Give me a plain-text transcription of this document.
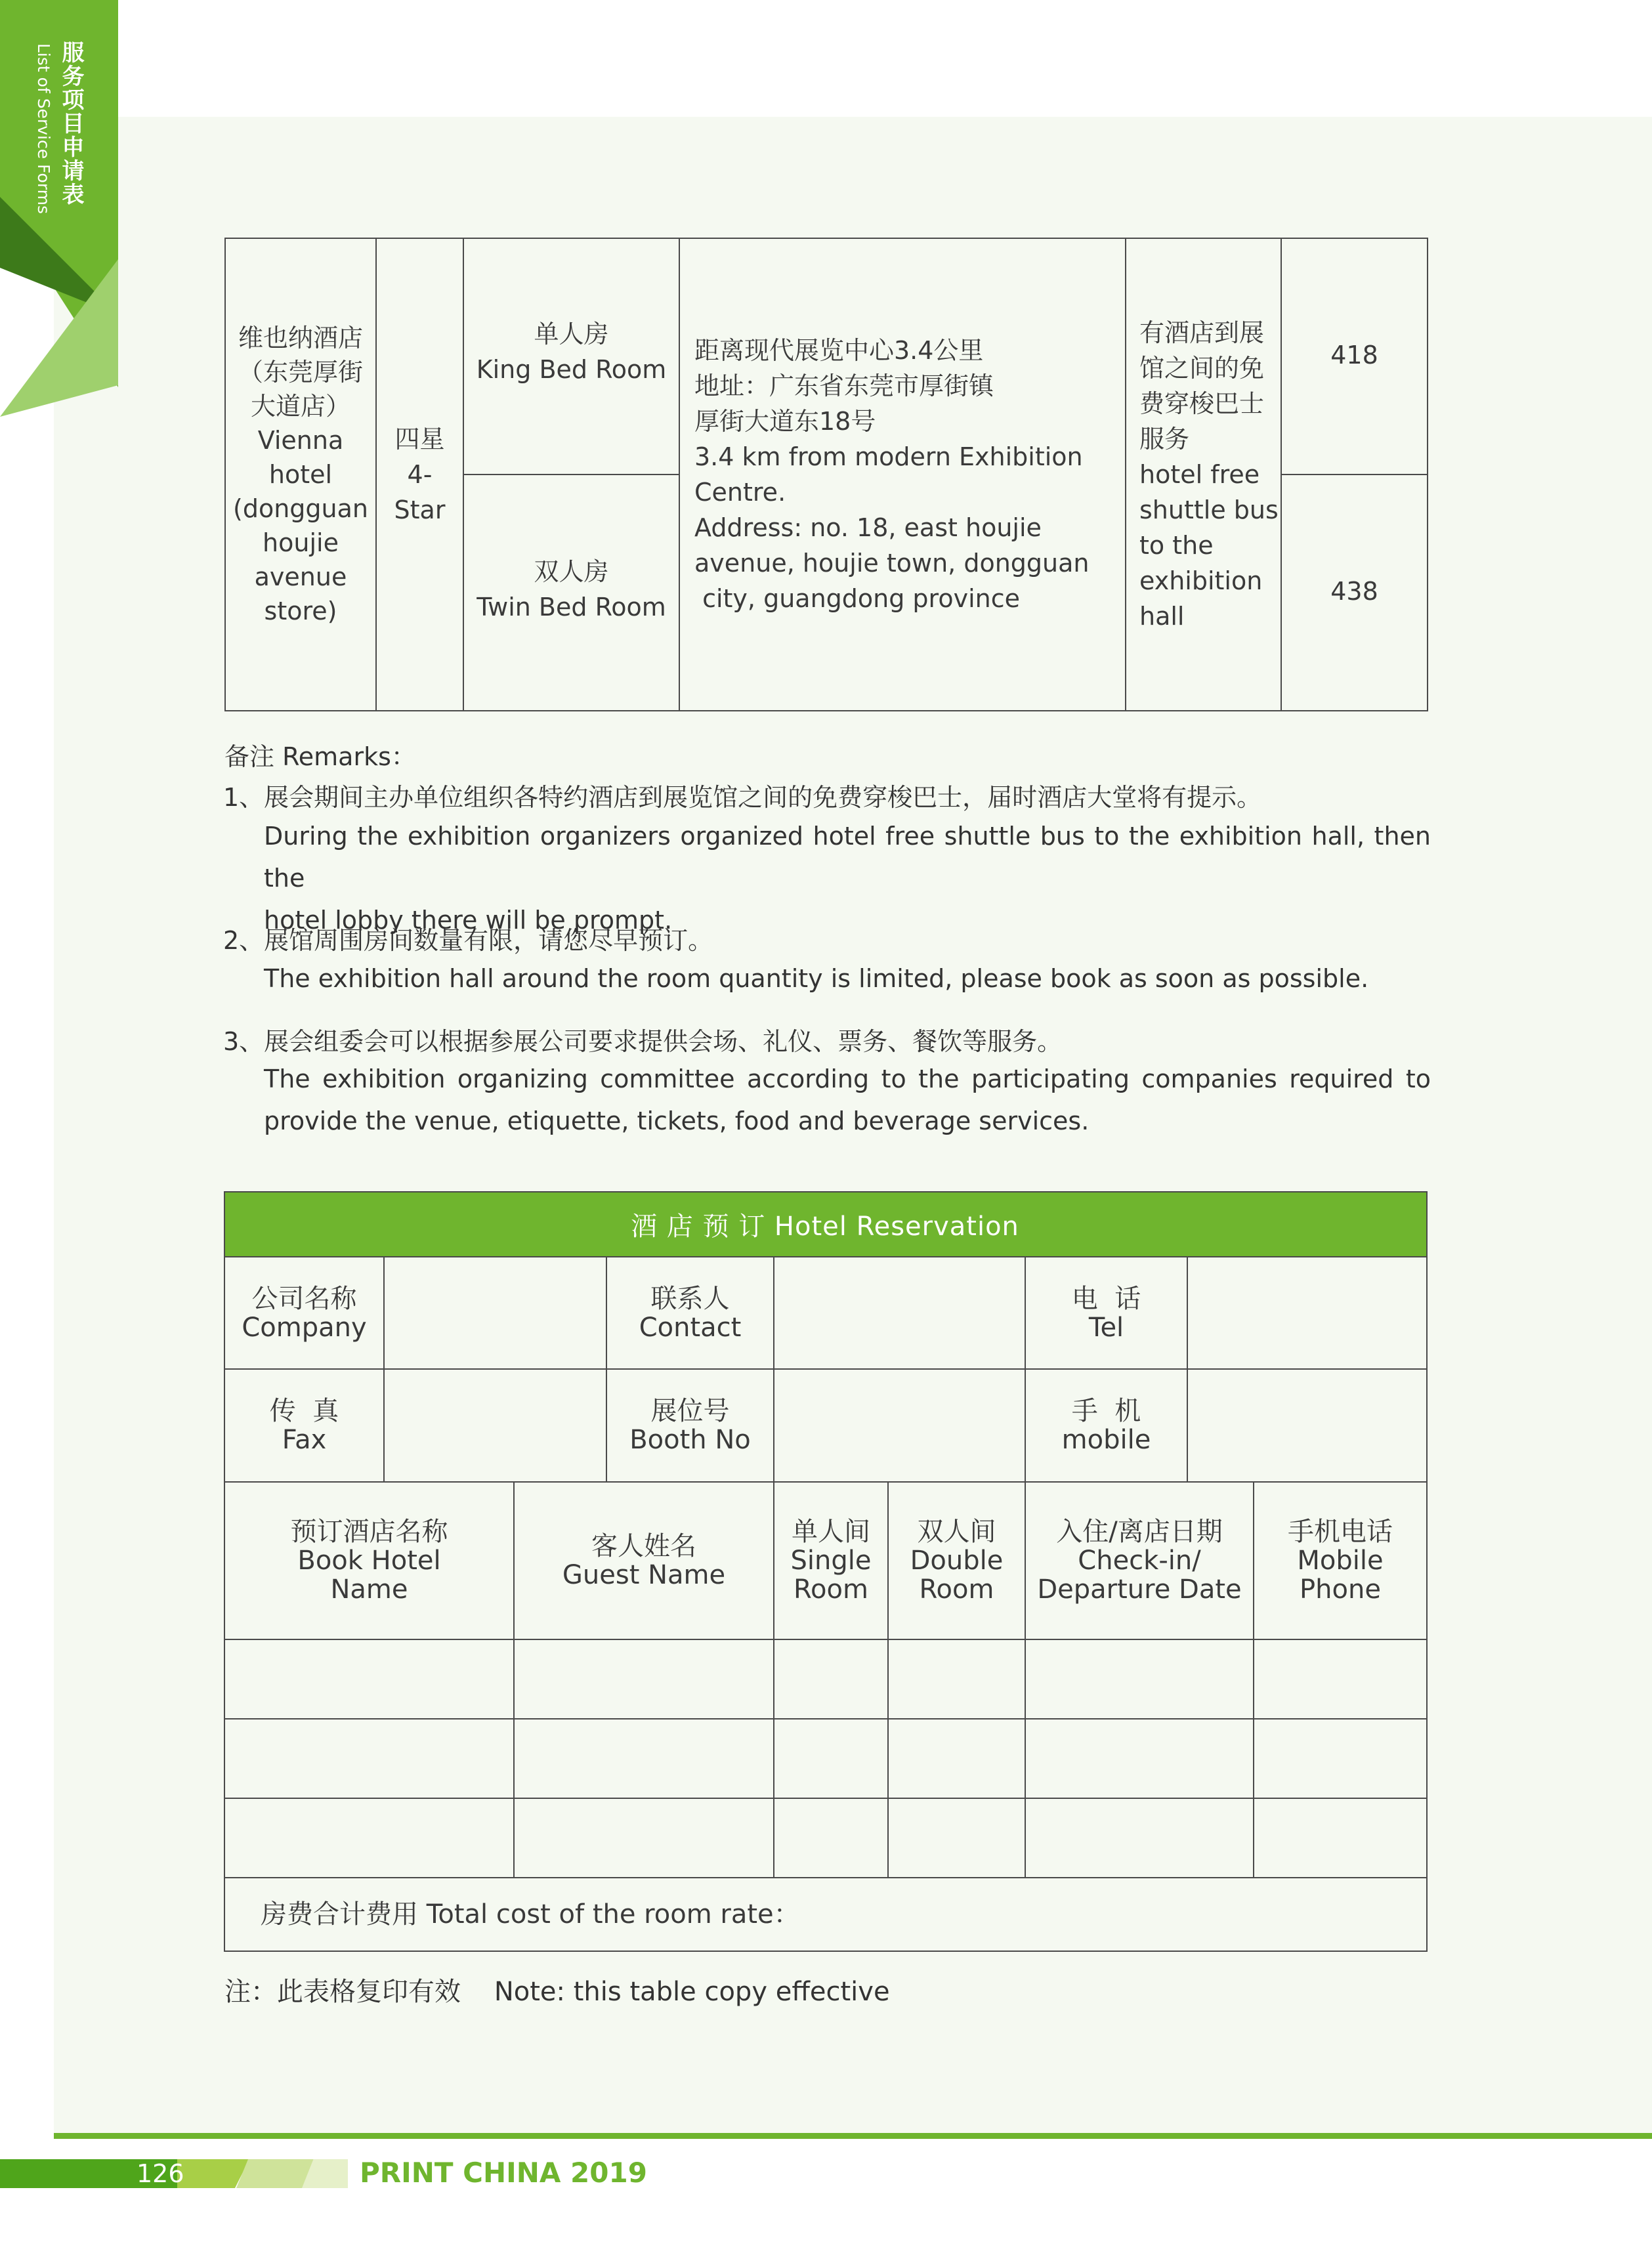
服务项目申请表
List of Service Forms
维也纳酒店
（东莞厚街
大道店）
Vienna
hotel
(dongguan
houjie
avenue
store)
四星
4-
Star
单人房
King Bed Room
双人房
Twin Bed Room
距离现代展览中心3.4公里
地址：广东省东莞市厚街镇
厚街大道东18号
3.4 km from modern Exhibition
Centre.
Address: no. 18, east houjie
avenue, houjie town, dongguan
city, guangdong province
有酒店到展
馆之间的免
费穿梭巴士
服务
hotel free
shuttle bus
to the
exhibition
hall
418
438
备注 Remarks：
1、展会期间主办单位组织各特约酒店到展览馆之间的免费穿梭巴士，届时酒店大堂将有提示。
During the exhibition organizers organized hotel free shuttle bus to the exhibition hall, then the
hotel lobby there will be prompt.
2、展馆周围房间数量有限，请您尽早预订。
The exhibition hall around the room quantity is limited, please book as soon as possible.
3、展会组委会可以根据参展公司要求提供会场、礼仪、票务、餐饮等服务。
The exhibition organizing committee according to the participating companies required to
provide the venue, etiquette, tickets, food and beverage services.
酒 店 预 订 Hotel Reservation
公司名称
Company
联系人
Contact
电  话
Tel
传  真
Fax
展位号
Booth No
手  机
mobile
预订酒店名称
Book Hotel
Name
客人姓名
Guest Name
单人间
Single
Room
双人间
Double
Room
入住/离店日期
Check-in/
Departure Date
手机电话
Mobile
Phone
房费合计费用 Total cost of the room rate：
注：此表格复印有效    Note: this table copy effective
126	PRINT CHINA 2019
